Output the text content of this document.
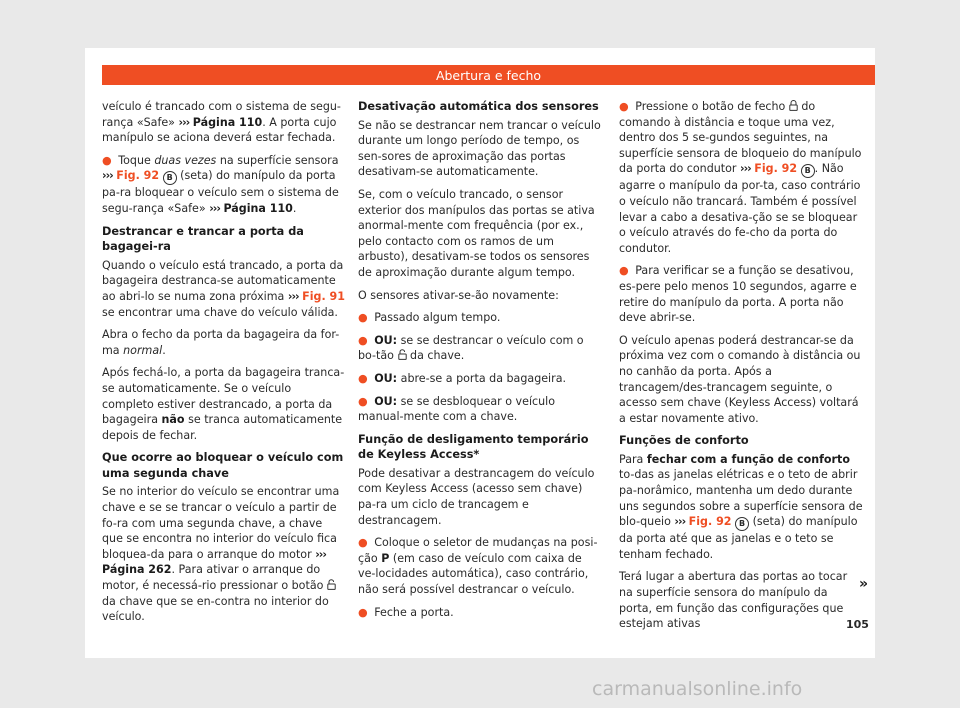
Abertura e fecho

veículo é trancado com o sistema de segu-rança «Safe» ››› Página 110. A porta cujo manípulo se aciona deverá estar fechada.

● Toque duas vezes na superfície sensora ››› Fig. 92 B (seta) do manípulo da porta pa-ra bloquear o veículo sem o sistema de segu-rança «Safe» ››› Página 110.

Destrancar e trancar a porta da bagagei-ra

Quando o veículo está trancado, a porta da bagageira destranca-se automaticamente ao abri-lo se numa zona próxima ››› Fig. 91 se encontrar uma chave do veículo válida.

Abra o fecho da porta da bagageira da for-ma normal.

Após fechá-lo, a porta da bagageira tranca-se automaticamente. Se o veículo completo estiver destrancado, a porta da bagageira não se tranca automaticamente depois de fechar.

Que ocorre ao bloquear o veículo com uma segunda chave

Se no interior do veículo se encontrar uma chave e se se trancar o veículo a partir de fo-ra com uma segunda chave, a chave que se encontra no interior do veículo fica bloquea-da para o arranque do motor ››› Página 262. Para ativar o arranque do motor, é necessá-rio pressionar o botão  da chave que se en-contra no interior do veículo.

Desativação automática dos sensores

Se não se destrancar nem trancar o veículo durante um longo período de tempo, os sen-sores de aproximação das portas desativam-se automaticamente.

Se, com o veículo trancado, o sensor exterior dos manípulos das portas se ativa anormal-mente com frequência (por ex., pelo contacto com os ramos de um arbusto), desativam-se todos os sensores de aproximação durante algum tempo.

O sensores ativar-se-ão novamente:

● Passado algum tempo.

● OU: se se destrancar o veículo com o bo-tão da chave.

● OU: abre-se a porta da bagageira.

● OU: se se desbloquear o veículo manual-mente com a chave.

Função de desligamento temporário de Keyless Access*

Pode desativar a destrancagem do veículo com Keyless Access (acesso sem chave) pa-ra um ciclo de trancagem e destrancagem.

● Coloque o seletor de mudanças na posi-ção P (em caso de veículo com caixa de ve-locidades automática), caso contrário, não será possível destrancar o veículo.

● Feche a porta.

● Pressione o botão de fecho do comando à distância e toque uma vez, dentro dos 5 se-gundos seguintes, na superfície sensora de bloqueio do manípulo da porta do condutor ››› Fig. 92 B . Não agarre o manípulo da por-ta, caso contrário o veículo não trancará. Também é possível levar a cabo a desativa-ção se se bloquear o veículo através do fe-cho da porta do condutor.

● Para verificar se a função se desativou, es-pere pelo menos 10 segundos, agarre e retire do manípulo da porta. A porta não deve abrir-se.

O veículo apenas poderá destrancar-se da próxima vez com o comando à distância ou no canhão da porta. Após a trancagem/des-trancagem seguinte, o acesso sem chave (Keyless Access) voltará a estar novamente ativo.

Funções de conforto

Para fechar com a função de conforto to-das as janelas elétricas e o teto de abrir pa-norâmico, mantenha um dedo durante uns segundos sobre a superfície sensora de blo-queio ››› Fig. 92 B (seta) do manípulo da porta até que as janelas e o teto se tenham fechado.

Terá lugar a abertura das portas ao tocar na superfície sensora do manípulo da porta, em função das configurações que estejam ativas

»
105
carmanualsonline.info
